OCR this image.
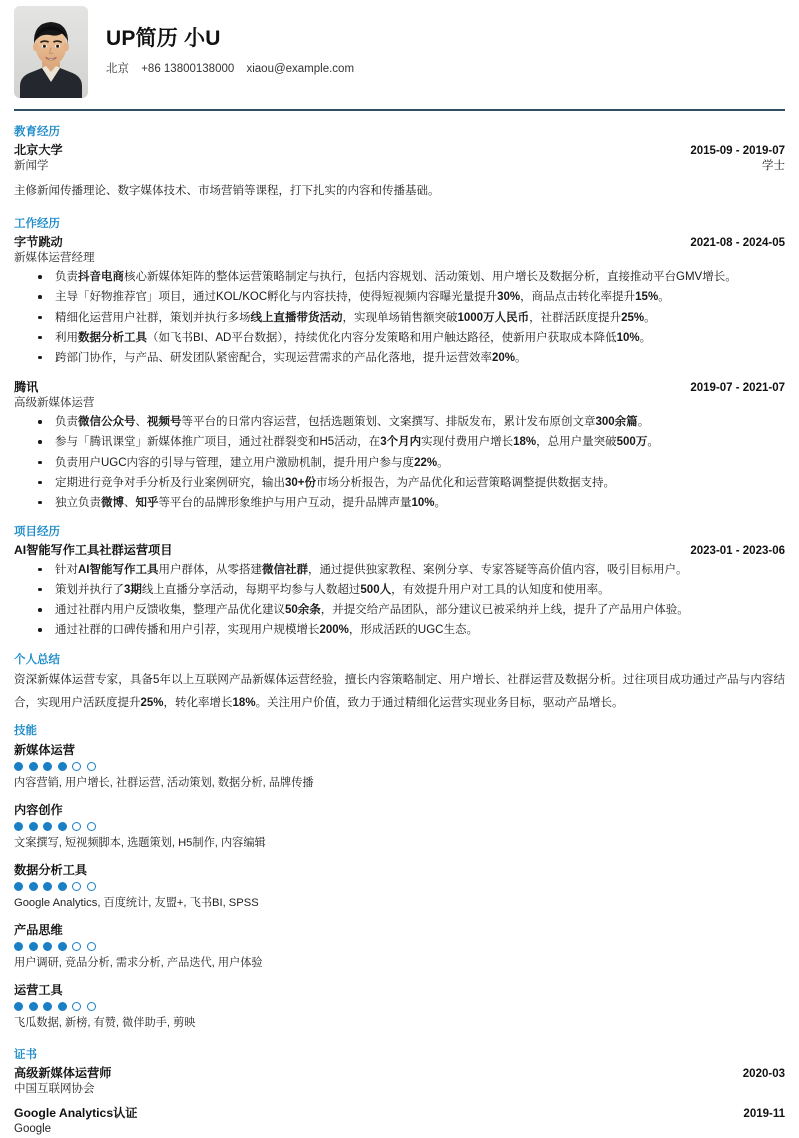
UP简历 小U
北京 +86 13800138000 xiaou@example.com
教育经历
北京大学	2015-09 - 2019-07
新闻学	学士
主修新闻传播理论、数字媒体技术、市场营销等课程，打下扎实的内容和传播基础。
工作经历
字节跳动	2021-08 - 2024-05
新媒体运营经理
负责抖音电商核心新媒体矩阵的整体运营策略制定与执行，包括内容规划、活动策划、用户增长及数据分析，直接推动平台GMV增长。
主导「好物推荐官」项目，通过KOL/KOC孵化与内容扶持，使得短视频内容曝光量提升30%，商品点击转化率提升15%。
精细化运营用户社群，策划并执行多场线上直播带货活动，实现单场销售额突破1000万人民币，社群活跃度提升25%。
利用数据分析工具（如飞书BI、AD平台数据），持续优化内容分发策略和用户触达路径，使新用户获取成本降低10%。
跨部门协作，与产品、研发团队紧密配合，实现运营需求的产品化落地，提升运营效率20%。
腾讯	2019-07 - 2021-07
高级新媒体运营
负责微信公众号、视频号等平台的日常内容运营，包括选题策划、文案撰写、排版发布，累计发布原创文章300余篇。
参与「腾讯课堂」新媒体推广项目，通过社群裂变和H5活动，在3个月内实现付费用户增长18%，总用户量突破500万。
负责用户UGC内容的引导与管理，建立用户激励机制，提升用户参与度22%。
定期进行竞争对手分析及行业案例研究，输出30+份市场分析报告，为产品优化和运营策略调整提供数据支持。
独立负责微博、知乎等平台的品牌形象维护与用户互动，提升品牌声量10%。
项目经历
AI智能写作工具社群运营项目	2023-01 - 2023-06
针对AI智能写作工具用户群体，从零搭建微信社群，通过提供独家教程、案例分享、专家答疑等高价值内容，吸引目标用户。
策划并执行了3期线上直播分享活动，每期平均参与人数超过500人，有效提升用户对工具的认知度和使用率。
通过社群内用户反馈收集，整理产品优化建议50余条，并提交给产品团队，部分建议已被采纳并上线，提升了产品用户体验。
通过社群的口碑传播和用户引荐，实现用户规模增长200%，形成活跃的UGC生态。
个人总结
资深新媒体运营专家，具备5年以上互联网产品新媒体运营经验，擅长内容策略制定、用户增长、社群运营及数据分析。过往项目成功通过产品与内容结合，实现用户活跃度提升25%，转化率增长18%。关注用户价值，致力于通过精细化运营实现业务目标，驱动产品增长。
技能
新媒体运营
内容营销, 用户增长, 社群运营, 活动策划, 数据分析, 品牌传播
内容创作
文案撰写, 短视频脚本, 选题策划, H5制作, 内容编辑
数据分析工具
Google Analytics, 百度统计, 友盟+, 飞书BI, SPSS
产品思维
用户调研, 竞品分析, 需求分析, 产品迭代, 用户体验
运营工具
飞瓜数据, 新榜, 有赞, 微伴助手, 剪映
证书
高级新媒体运营师	2020-03
中国互联网协会
Google Analytics认证	2019-11
Google
